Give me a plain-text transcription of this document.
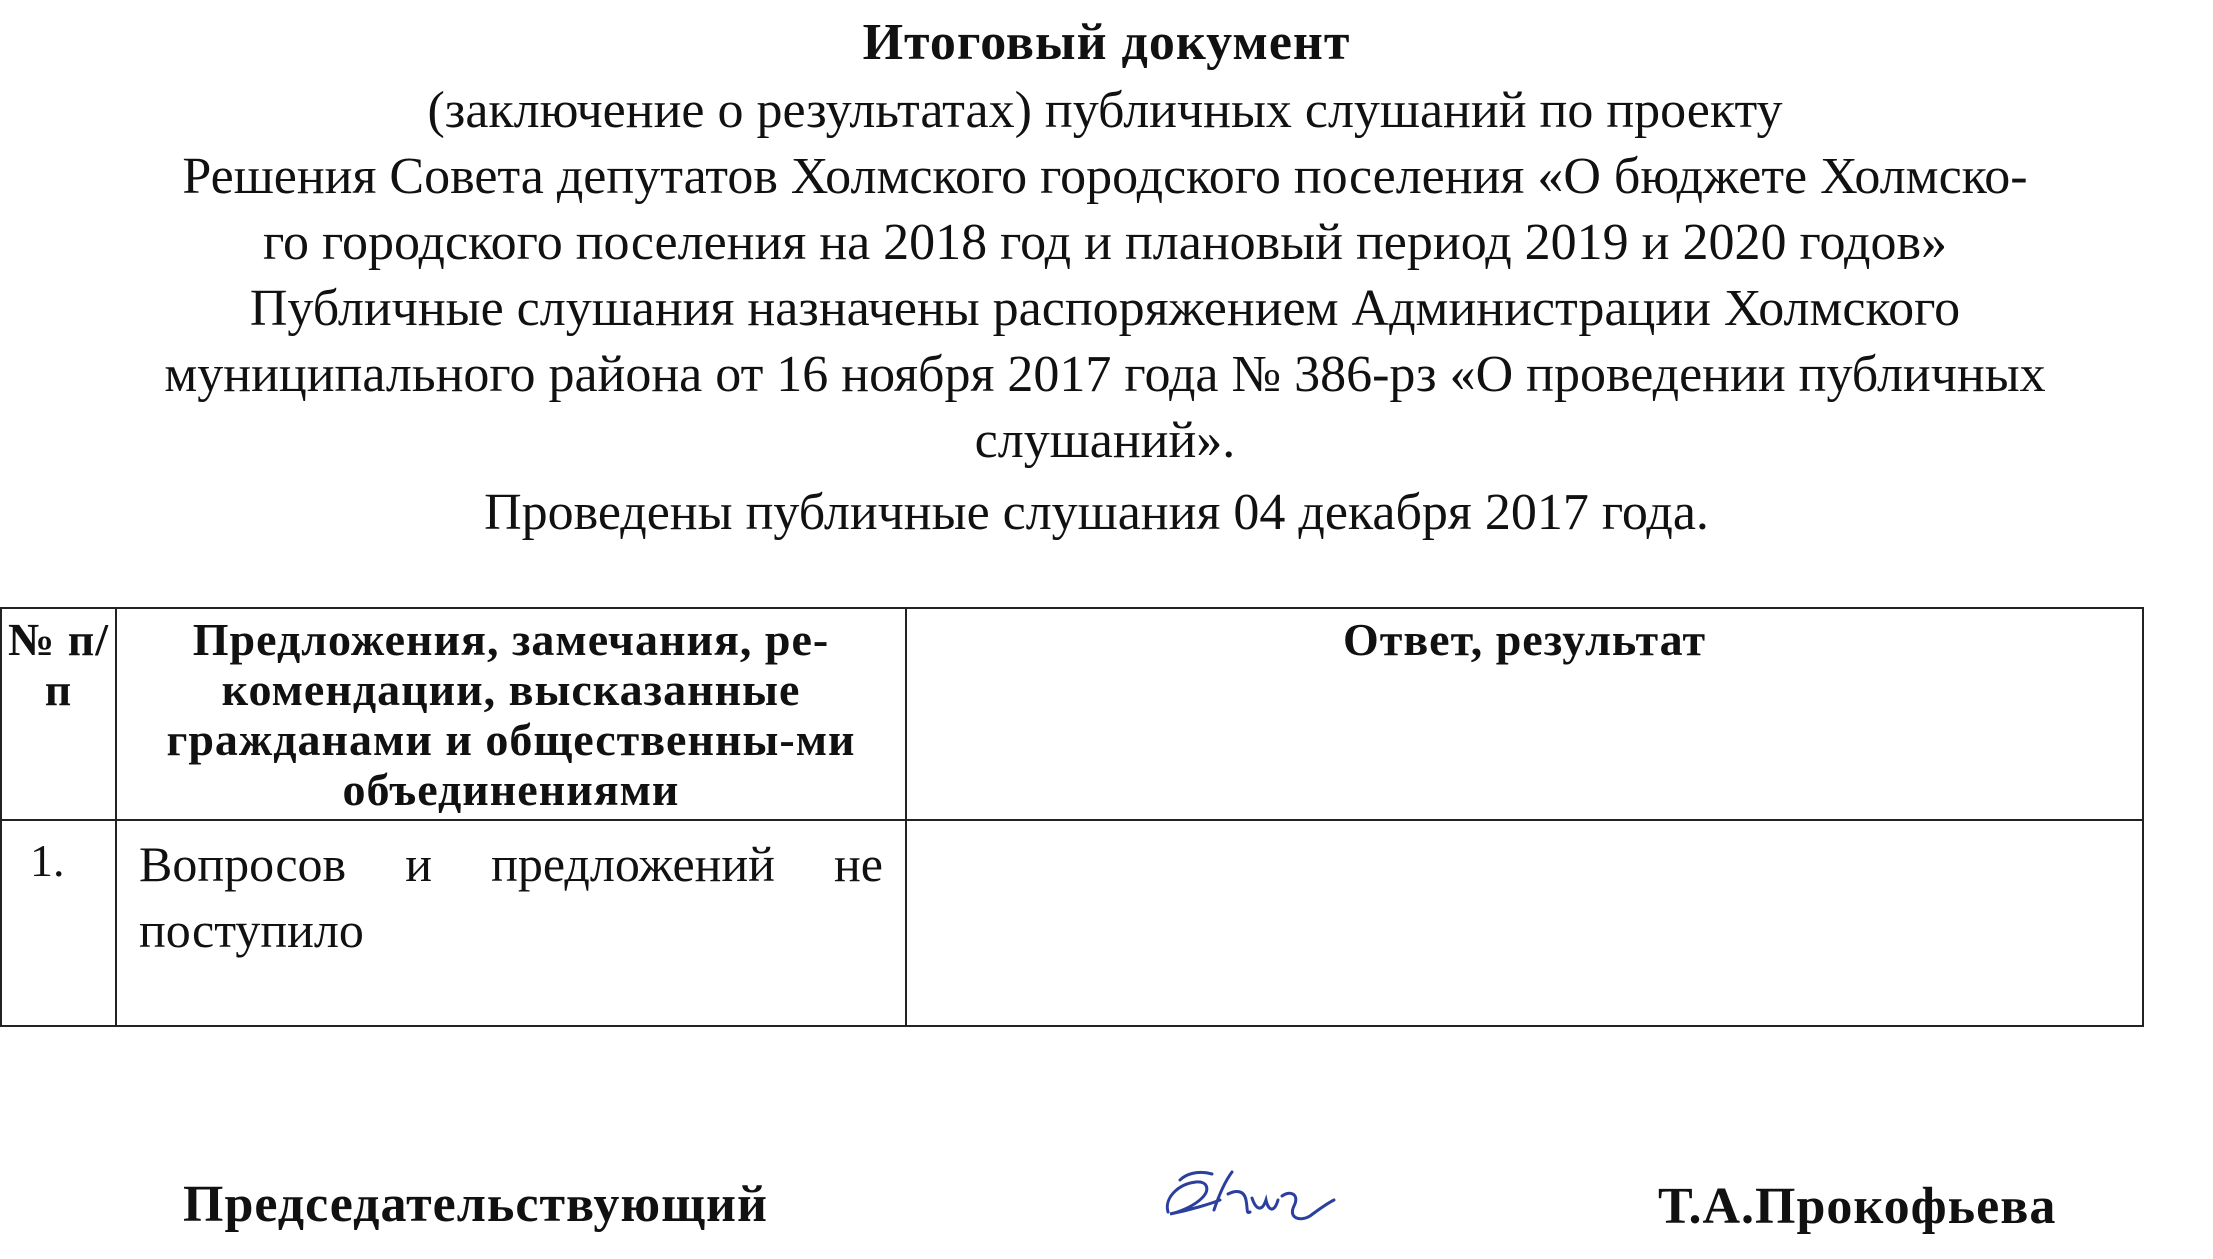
Итоговый документ
(заключение о результатах) публичных слушаний по проекту
Решения Совета депутатов Холмского городского поселения «О бюджете Холмско-
го городского поселения на 2018 год и плановый период 2019 и 2020 годов»
Публичные слушания назначены распоряжением Администрации Холмского
муниципального района от 16 ноября 2017 года № 386-рз «О проведении публичных
слушаний».
Проведены публичные слушания 04 декабря 2017 года.
№ п/п	Предложения, замечания, ре-комендации, высказанные гражданами и общественны-ми объединениями	Ответ, результат
1.	Вопросов и предложений не поступило	
Председательствующий	Т.А.Прокофьева
